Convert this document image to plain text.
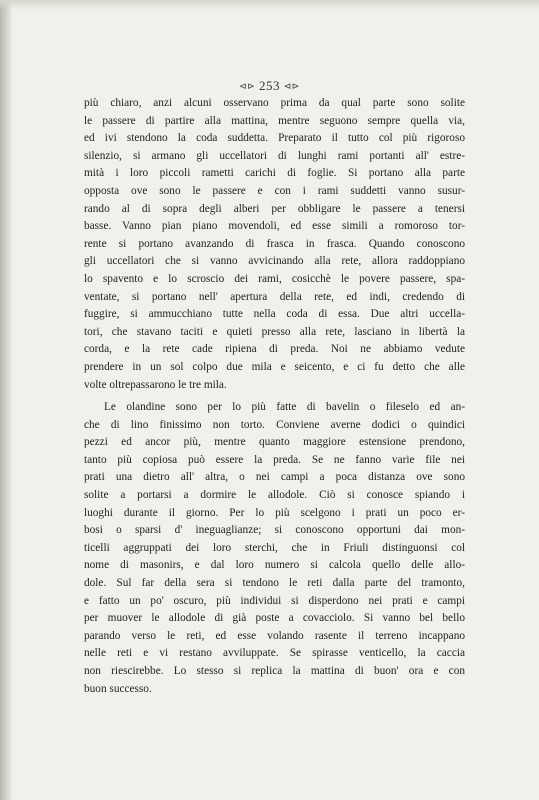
⊲⊳ 253 ⊲⊳

più chiaro, anzi alcuni osservano prima da qual parte sono solite
le passere di partire alla mattina, mentre seguono sempre quella via,
ed ivi stendono la coda suddetta. Preparato il tutto col più rigoroso
silenzio, si armano gli uccellatori di lunghi rami portanti all' estre-
mità i loro piccoli rametti carichi di foglie. Si portano alla parte
opposta ove sono le passere e con i rami suddetti vanno susur-
rando al di sopra degli alberi per obbligare le passere a tenersi
basse. Vanno pian piano movendoli, ed esse simili a romoroso tor-
rente si portano avanzando di frasca in frasca. Quando conoscono
gli uccellatori che si vanno avvicinando alla rete, allora raddoppiano
lo spavento e lo scroscio dei rami, cosicchè le povere passere, spa-
ventate, si portano nell' apertura della rete, ed indi, credendo di
fuggire, si ammucchiano tutte nella coda di essa. Due altri uccella-
tori, che stavano taciti e quieti presso alla rete, lasciano in libertà la
corda, e la rete cade ripiena di preda. Noi ne abbiamo vedute
prendere in un sol colpo due mila e seicento, e ci fu detto che alle
volte oltrepassarono le tre mila.

Le olandine sono per lo più fatte di bavelin o fileselo ed an-
che di lino finissimo non torto. Conviene averne dodici o quindici
pezzi ed ancor più, mentre quanto maggiore estensione prendono,
tanto più copiosa può essere la preda. Se ne fanno varie file nei
prati una dietro all' altra, o nei campi a poca distanza ove sono
solite a portarsi a dormire le allodole. Ciò si conosce spiando i
luoghi durante il giorno. Per lo più scelgono i prati un poco er-
bosi o sparsi d' ineguaglianze; si conoscono opportuni dai mon-
ticelli aggruppati dei loro sterchi, che in Friuli distinguonsi col
nome di masonirs, e dal loro numero si calcola quello delle allo-
dole. Sul far della sera si tendono le reti dalla parte del tramonto,
e fatto un po' oscuro, più individui si disperdono nei prati e campi
per muover le allodole di già poste a covacciolo. Si vanno bel bello
parando verso le reti, ed esse volando rasente il terreno incappano
nelle reti e vi restano avviluppate. Se spirasse venticello, la caccia
non riescirebbe. Lo stesso si replica la mattina di buon' ora e con
buon successo.
